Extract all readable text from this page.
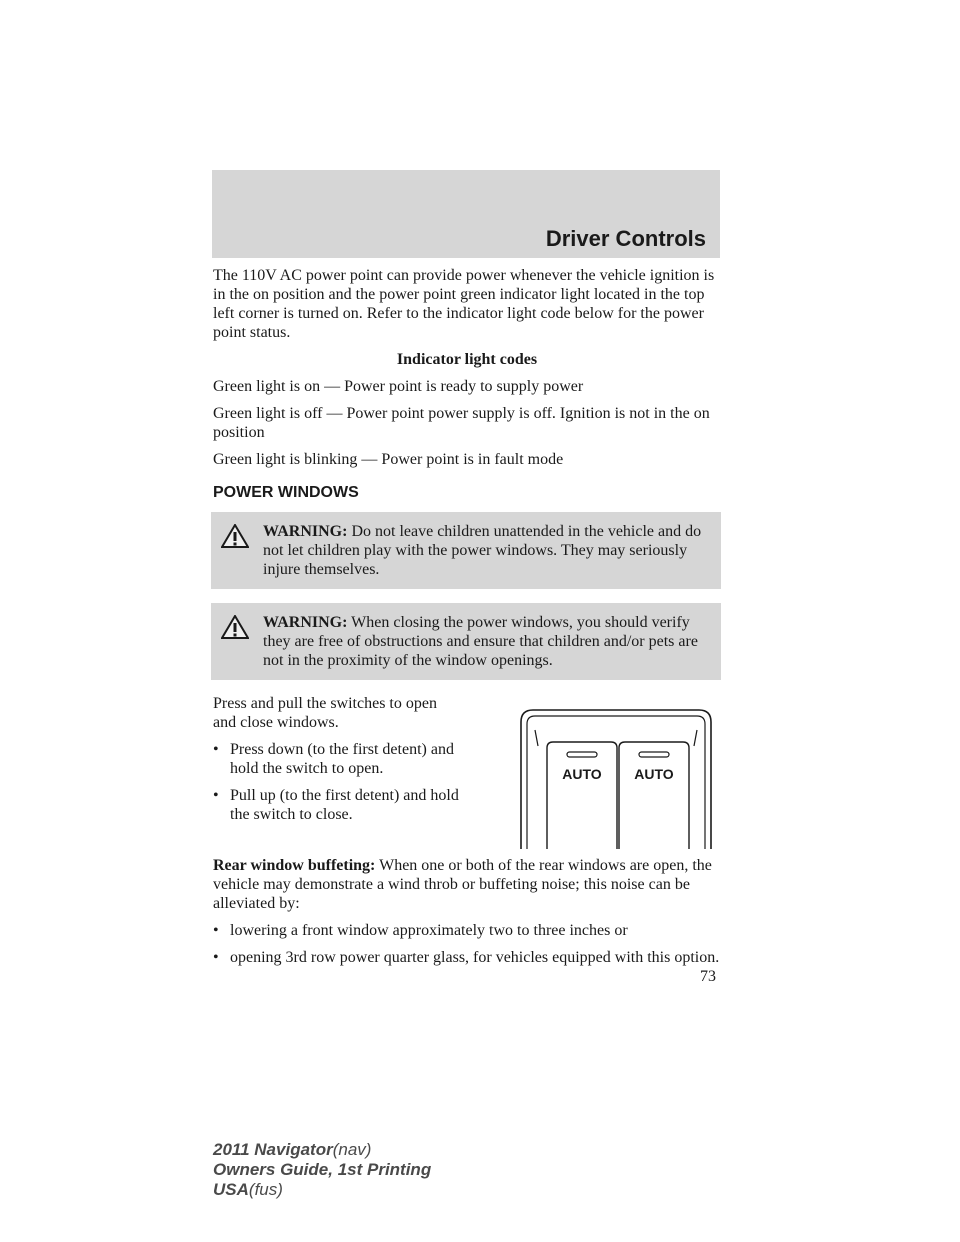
Driver Controls

The 110V AC power point can provide power whenever the vehicle ignition is in the on position and the power point green indicator light located in the top left corner is turned on. Refer to the indicator light code below for the power point status.

Indicator light codes

Green light is on — Power point is ready to supply power

Green light is off — Power point power supply is off. Ignition is not in the on position

Green light is blinking — Power point is in fault mode

POWER WINDOWS
WARNING: Do not leave children unattended in the vehicle and do not let children play with the power windows. They may seriously injure themselves.
WARNING: When closing the power windows, you should verify they are free of obstructions and ensure that children and/or pets are not in the proximity of the window openings.

Press and pull the switches to open and close windows.

• Press down (to the first detent) and hold the switch to open.
• Pull up (to the first detent) and hold the switch to close.
AUTO AUTO

Rear window buffeting: When one or both of the rear windows are open, the vehicle may demonstrate a wind throb or buffeting noise; this noise can be alleviated by:

• lowering a front window approximately two to three inches or
• opening 3rd row power quarter glass, for vehicles equipped with this option.
73
2011 Navigator(nav)
Owners Guide, 1st Printing
USA(fus)
